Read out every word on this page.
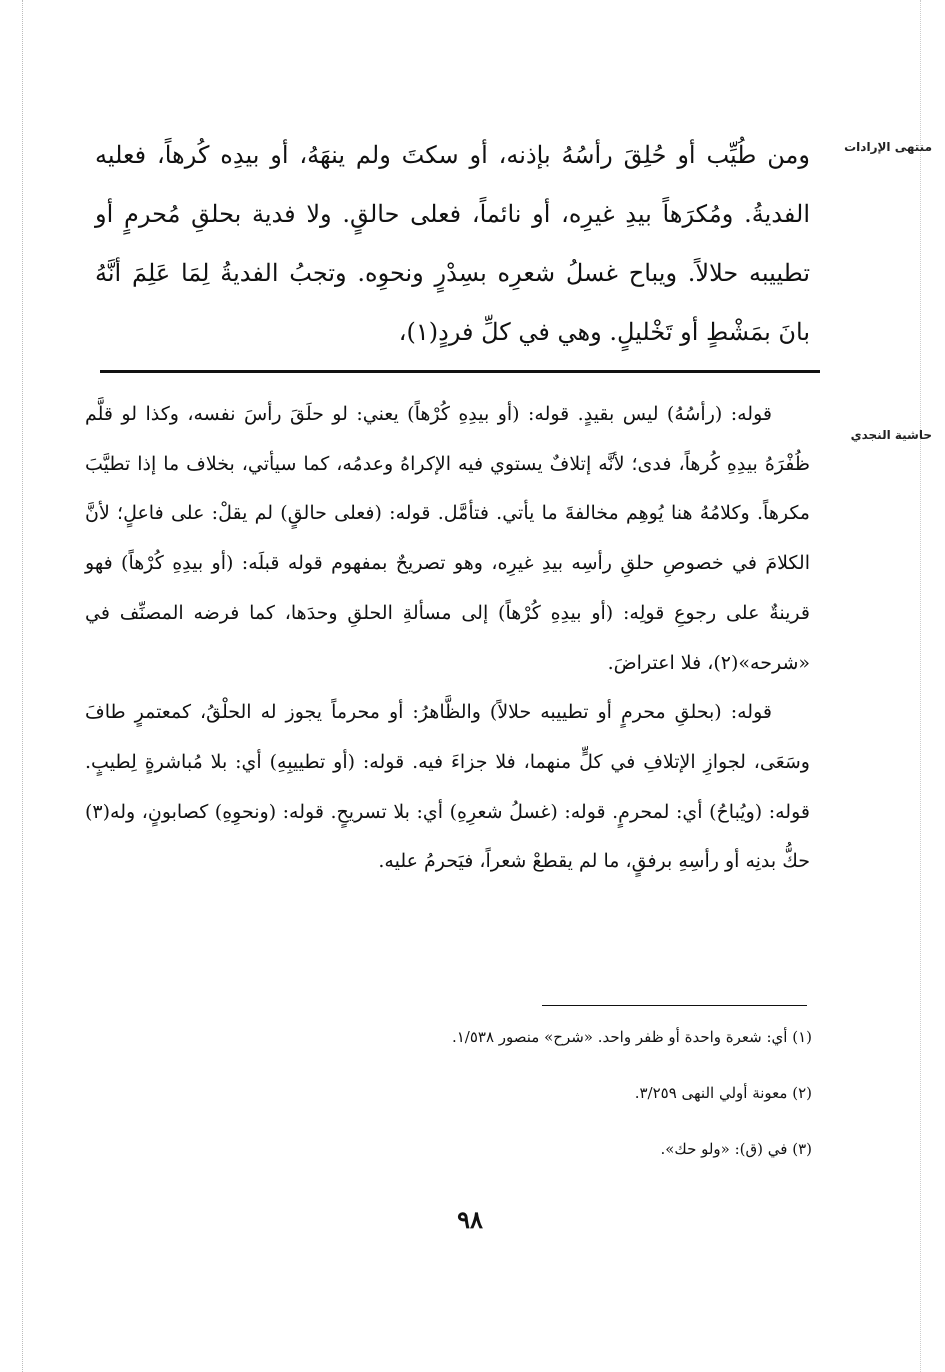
منتهى الإرادات
حاشية النجدي

ومن طُيِّب أو حُلِقَ رأسُهُ بإذنه، أو سكتَ ولم ينهَهُ، أو بيدِه كُرهاً، فعليه الفديةُ. ومُكرَهاً بيدِ غيرِه، أو نائماً، فعلى حالقٍ. ولا فدية بحلقِ مُحرمٍ أو تطييبه حلالاً. ويباح غسلُ شعرِه بسِدْرٍ ونحوِه. وتجبُ الفديةُ لِمَا عَلِمَ أنَّهُ بانَ بمَشْطٍ أو تَخْليلٍ. وهي في كلِّ فردٍ(١)،

قوله: (رأسُهُ) ليس بقيدٍ. قوله: (أو بيدِهِ كُرْهاً) يعني: لو حلَقَ رأسَ نفسه، وكذا لو قلَّم ظُفْرَهُ بيدِهِ كُرهاً، فدى؛ لأنَّه إتلافٌ يستوي فيه الإكراهُ وعدمُه، كما سيأتي، بخلاف ما إذا تطيَّبَ مكرهاً. وكلامُهُ هنا يُوهِم مخالفةَ ما يأتي. فتأمَّل. قوله: (فعلى حالقٍ) لم يقلْ: على فاعلٍ؛ لأنَّ الكلامَ في خصوصِ حلقِ رأسِه بيدِ غيرِه، وهو تصريحٌ بمفهوم قوله قبلَه: (أو بيدِهِ كُرْهاً) فهو قرينةٌ على رجوعِ قولِه: (أو بيدِهِ كُرْهاً) إلى مسألةِ الحلقِ وحدَها، كما فرضه المصنِّف في «شرحه»(٢)، فلا اعتراضَ.

قوله: (بحلقِ محرمٍ أو تطييبه حلالاً) والظَّاهرُ: أو محرماً يجوز له الحلْقُ، كمعتمرٍ طافَ وسَعَى، لجوازِ الإتلافِ في كلٍّ منهما، فلا جزاءَ فيه. قوله: (أو تطييبِهِ) أي: بلا مُباشرةٍ لِطيبٍ. قوله: (ويُباحُ) أي: لمحرمٍ. قوله: (غسلُ شعرِهِ) أي: بلا تسريحٍ. قوله: (ونحوِهِ) كصابونٍ، وله(٣) حكُّ بدنِه أو رأسِهِ برفقٍ، ما لم يقطعْ شعراً، فيَحرمُ عليه.

(١) أي: شعرة واحدة أو ظفر واحد. «شرح» منصور ١/٥٣٨.

(٢) معونة أولي النهى ٣/٢٥٩.

(٣) في (ق): «ولو حك».

٩٨
